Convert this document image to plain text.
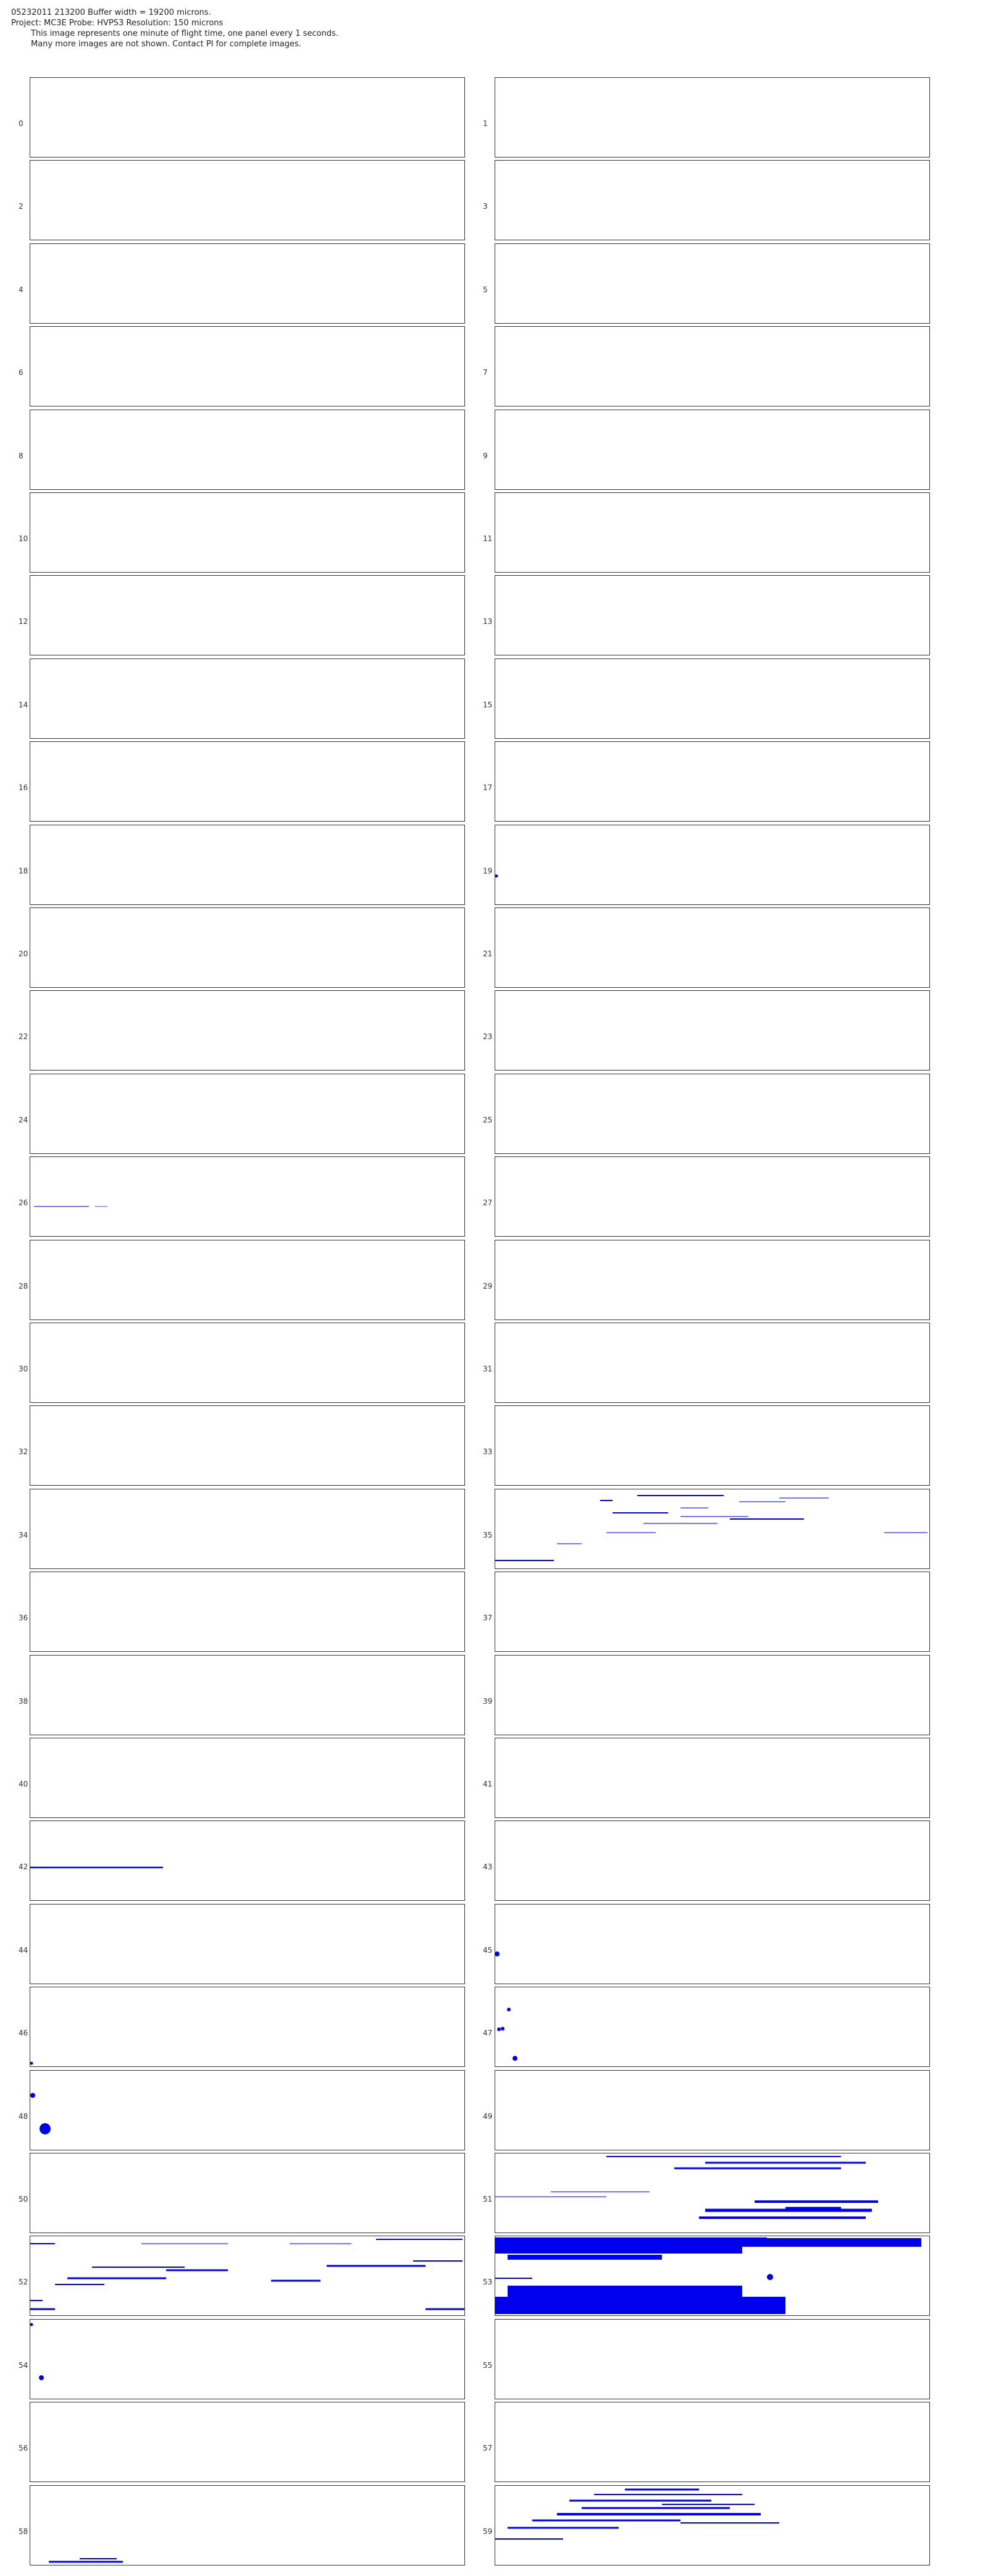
05232011 213200 Buffer width = 19200 microns.
Project: MC3E Probe: HVPS3 Resolution: 150 microns
This image represents one minute of flight time, one panel every 1 seconds.
Many more images are not shown. Contact PI for complete images.
0	1
2	3
4	5
6	7
8	9
10	11
12	13
14	15
16	17
18	19
20	21
22	23
24	25
26	27
28	29
30	31
32	33
34	35
36	37
38	39
40	41
42	43
44	45
46	47
48	49
50	51
52	53
54	55
56	57
58	59
